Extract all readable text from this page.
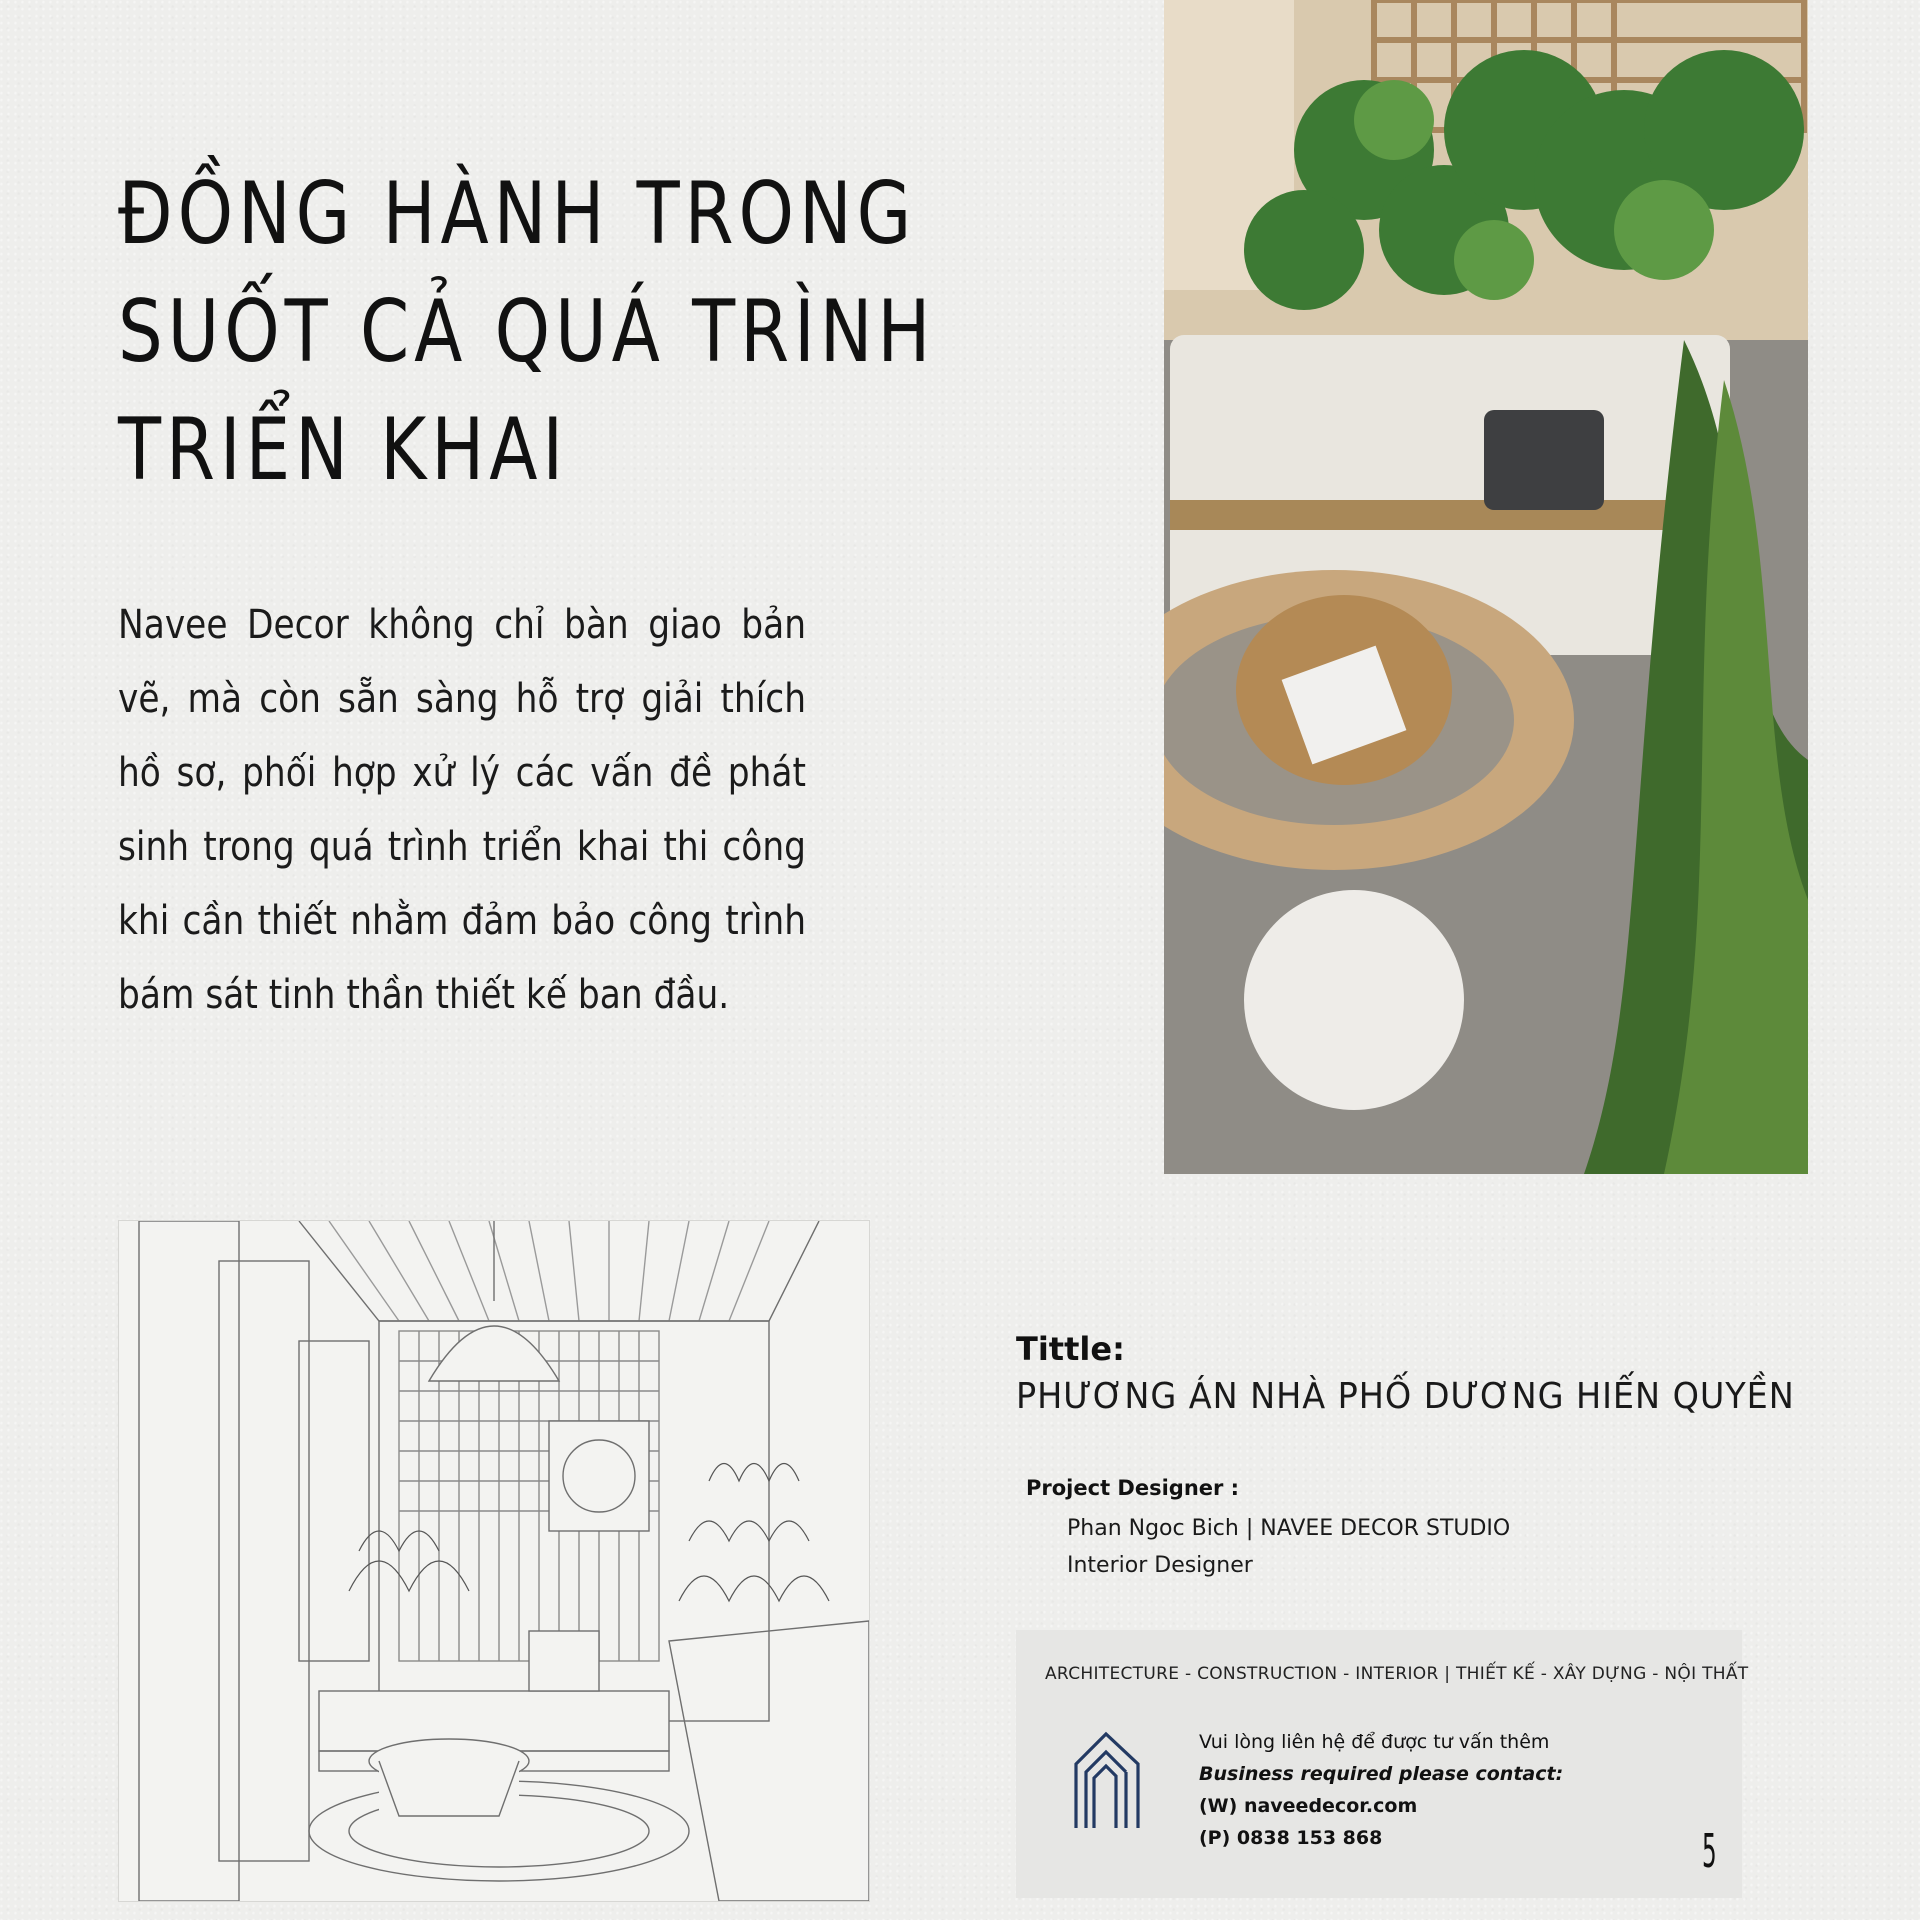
ĐỒNG HÀNH TRONG
SUỐT CẢ QUÁ TRÌNH
TRIỂN KHAI

Navee Decor không chỉ bàn giao bản vẽ, mà còn sẵn sàng hỗ trợ giải thích hồ sơ, phối hợp xử lý các vấn đề phát sinh trong quá trình triển khai thi công khi cần thiết nhằm đảm bảo công trình bám sát tinh thần thiết kế ban đầu.

Tittle:

PHƯƠNG ÁN NHÀ PHỐ DƯƠNG HIẾN QUYỀN

Project Designer :
Phan Ngoc Bich | NAVEE DECOR STUDIO
Interior Designer
ARCHITECTURE - CONSTRUCTION - INTERIOR | THIẾT KẾ - XÂY DỰNG - NỘI THẤT
Vui lòng liên hệ để được tư vấn thêm
Business required please contact:
(W) naveedecor.com
(P) 0838 153 868	5
